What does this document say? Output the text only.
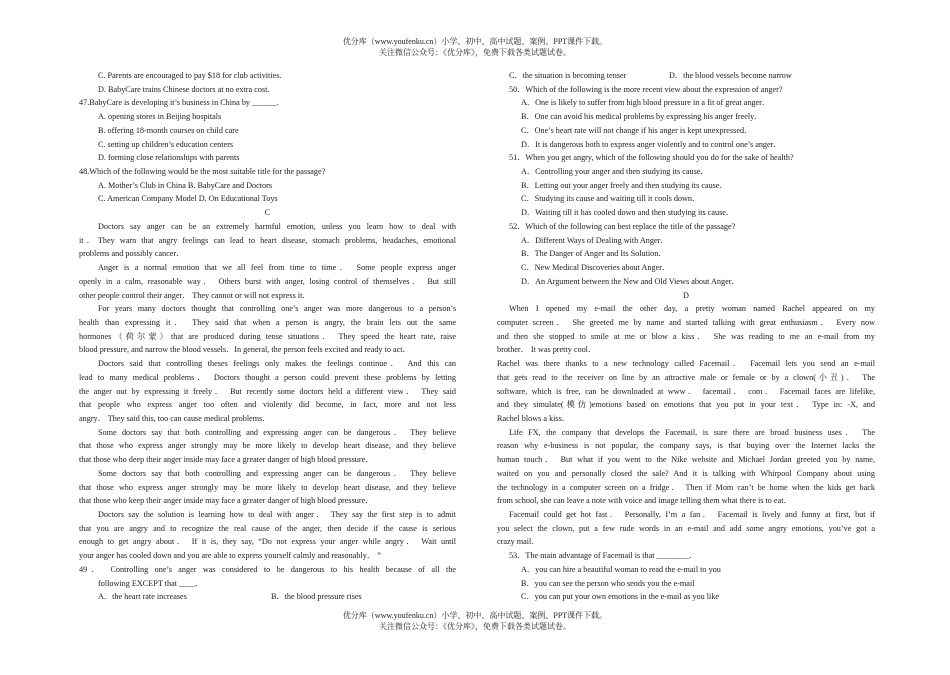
优分库（www.youfenku.cn）小学、初中、高中试题、案例、PPT课件下载。
关注微信公众号：《优分库》，免费下载各类试题试卷。
C. Parents are encouraged to pay $18 for club activities.
D. BabyCare trains Chinese doctors at no extra cost.
47.BabyCare is developing it’s business in China by ______.
A. opening stores in Beijing hospitals
B. offering 18-month courses on child care
C. setting up children’s education centers
D. forming close relationships with parents
48.Which of the following would be the most suitable title for the passage?
A. Mother’s Club in China B. BabyCare and Doctors
C. American Company Model D. On Educational Toys
C
Doctors say anger can be an extremely harmful emotion, unless you learn how to deal with
it．They warn that angry feelings can lead to heart disease, stomach problems, headaches, emotional
problems and possibly cancer．
Anger is a normal emotion that we all feel from time to time． Some people express anger
openly in a calm, reasonable way． Others burst with anger, losing control of themselves． But still
other people control their anger． They cannot or will not express it．
For years many doctors thought that controlling one’s anger was more dangerous to a person’s
health than expressing it． They said that when a person is angry, the brain lets out the same
hormones（荷尔蒙）that are produced during tense situations． They speed the heart rate, raise
blood pressure, and narrow the blood vessels．In general, the person feels excited and ready to act．
Doctors said that controlling theses feelings only makes the feelings continue． And this can
lead to many medical problems． Doctors thought a person could prevent these problems by letting
the anger out by expressing it freely． But recently some doctors held a different view． They said
that people who express anger too often and violently did become, in fact, more and not less
angry． They said this, too can cause medical problems．
Some doctors say that both controlling and expressing anger can be dangerous． They believe
that those who express anger strongly may be more likely to develop heart disease, and they believe
that those who deep their anger inside may face a greater danger of high blood pressure．
Some doctors say that both controlling and expressing anger can be dangerous． They believe
that those who express anger strongly may be more likely to develop heart disease, and they believe
that those who keep their anger inside may face a greater danger of high blood pressure．
Doctors say the solution is learning how to deal with anger． They say the first step is to admit
that you are angry and to recognize the real cause of the anger, then decide if the cause is serious
enough to get angry about． If it is, they say, “Do not express your anger while angry． Wait until
your anger has cooled down and you are able to express yourself calmly and reasonably． ”
49． Controlling one’s anger was considered to be dangerous to his health because of all the
following EXCEPT that ____.
A．the heart rate increases	B．the blood pressure rises
C．the situation is becoming tenser	D．the blood vessels become narrow
50．Which of the following is the more recent view about the expression of anger?
A．One is likely to suffer from high blood pressure in a fit of great anger．
B．One can avoid his medical problems by expressing his anger freely．
C．One’s heart rate will not change if his anger is kept unexpressed．
D．It is dangerous both to express anger violently and to control one’s anger．
51．When you get angry, which of the following should you do for the sake of health?
A．Controlling your anger and then studying its cause．
B．Letting out your anger freely and then studying its cause．
C．Studying its cause and waiting till it cools down．
D．Waiting till it has cooled down and then studying its cause．
52．Which of the following can best replace the title of the passage?
A．Different Ways of Dealing with Anger．
B．The Danger of Anger and Its Solution．
C．New Medical Discoveries about Anger．
D．An Argument between the New and Old Views about Anger．
D
When I opened my e-mail the other day, a pretty woman named Rachel appeared on my
computer screen． She greeted me by name and started talking with great enthusiasm． Every now
and then she stopped to smile at me or blow a kiss． She was reading to me an e-mail from my
brother． It was pretty cool．
Rachel was there thanks to a new technology called Facemail． Facemail lets you send an e-mail
that gets read to the receiver on line by an attractive male or female or by a clown(小丑)． The
software, which is free, can be downloaded at www． facemail． com． Facemail faces are lifelike,
and they simulate(模仿)emotions based on emotions that you put in your text． Type in: -X, and
Rachel blows a kiss．
Life FX, the company that develops the Facemail, is sure there are broad business uses． The
reason why e-business is not popular, the company says, is that buying over the Internet lacks the
human touch． But what if you went to the Nike website and Michael Jordan greeted you by name,
waited on you and personally closed the sale? And it is talking with Whirpool Company about using
the technology in a computer screen on a fridge． Then if Mom can’t be home when the kids get back
from school, she can leave a note with voice and image telling them what there is to eat．
Facemail could get hot fast． Personally, I’m a fan． Facemail is lively and funny at first, but if
you select the clown, put a few rude words in an e-mail and add some angry emotions, you’ve got a
crazy mail．
53．The main advantage of Facemail is that ________.
A．you can hire a beautiful woman to read the e-mail to you
B．you can see the person who sends you the e-mail
C．you can put your own emotions in the e-mail as you like
优分库（www.youfenku.cn）小学、初中、高中试题、案例、PPT课件下载。
关注微信公众号：《优分库》，免费下载各类试题试卷。
